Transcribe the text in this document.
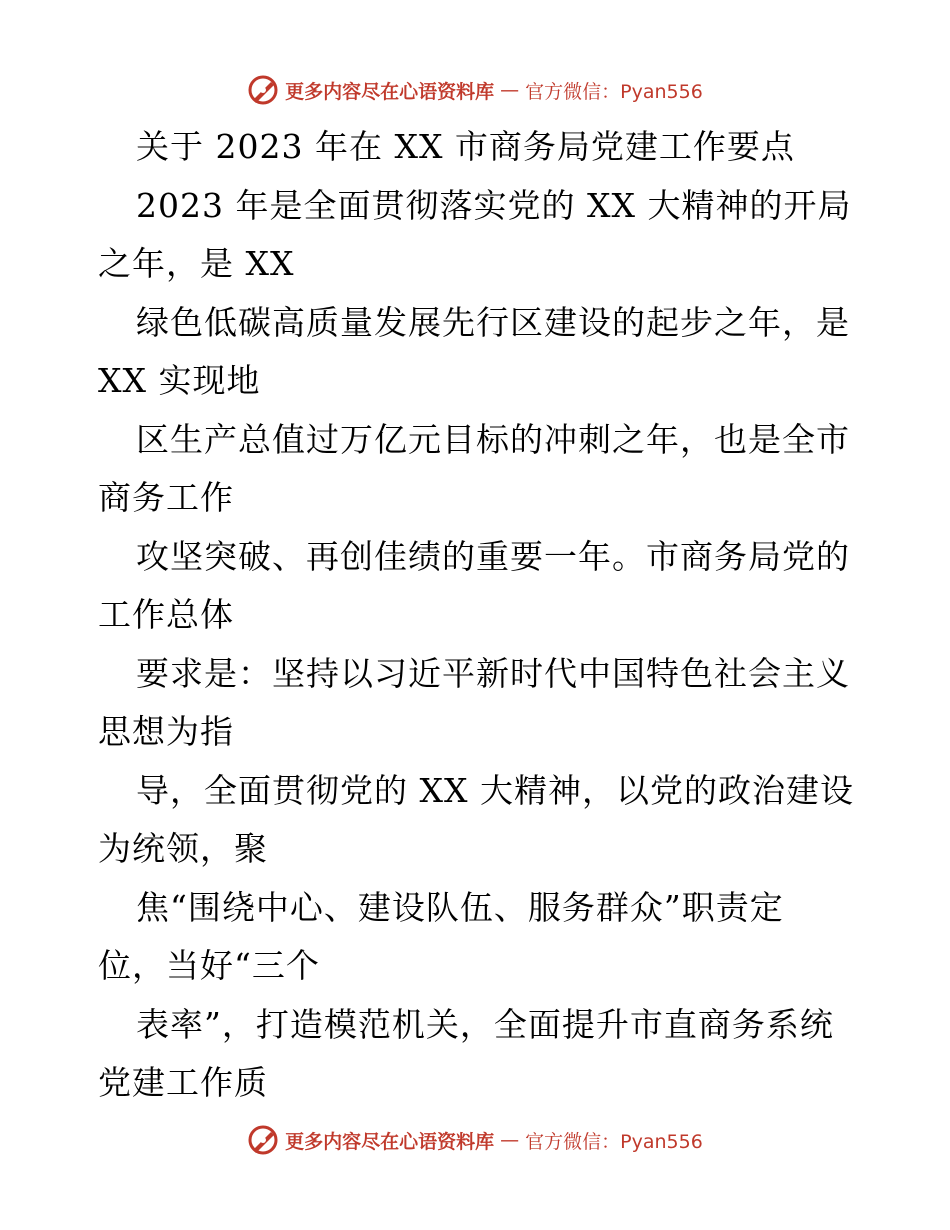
更多内容尽在心语资料库 — 官方微信：Pyan556
关于 2023 年在 XX 市商务局党建工作要点
2023 年是全面贯彻落实党的 XX 大精神的开局
之年，是 XX
绿色低碳高质量发展先行区建设的起步之年，是
XX 实现地
区生产总值过万亿元目标的冲刺之年，也是全市
商务工作
攻坚突破、再创佳绩的重要一年。市商务局党的
工作总体
要求是：坚持以习近平新时代中国特色社会主义
思想为指
导，全面贯彻党的 XX 大精神，以党的政治建设
为统领，聚
焦“围绕中心、建设队伍、服务群众”职责定
位，当好“三个
表率”，打造模范机关，全面提升市直商务系统
党建工作质
更多内容尽在心语资料库 — 官方微信：Pyan556
